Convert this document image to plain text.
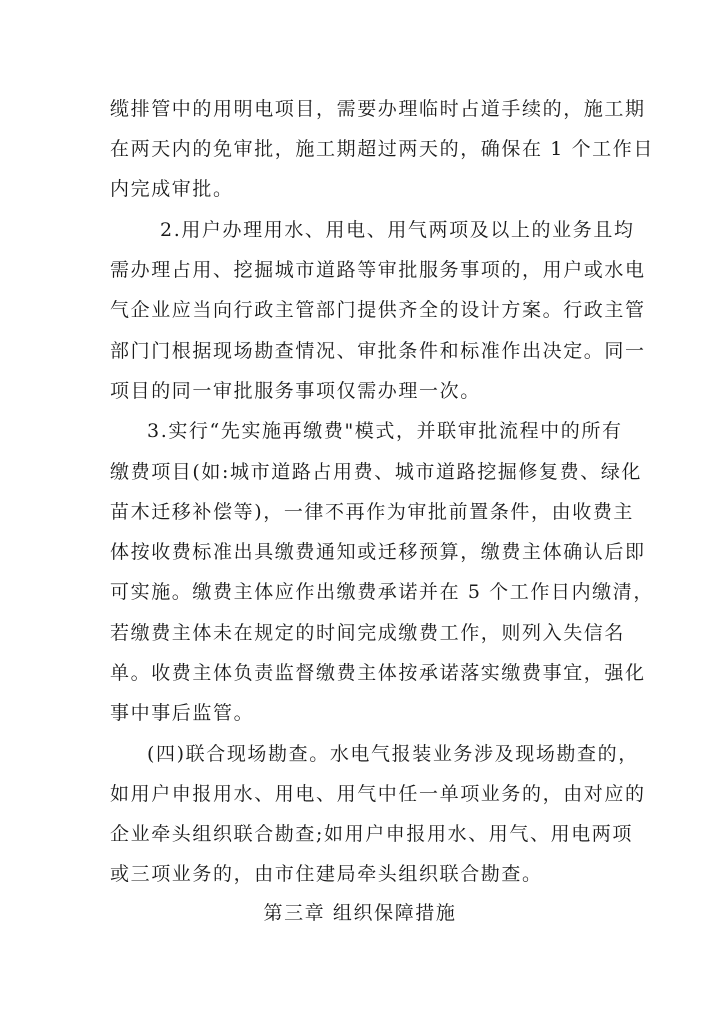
缆排管中的用明电项目，需要办理临时占道手续的，施工期
在两天内的免审批，施工期超过两天的，确保在 1 个工作日
内完成审批。
2.用户办理用水、用电、用气两项及以上的业务且均
需办理占用、挖掘城市道路等审批服务事项的，用户或水电
气企业应当向行政主管部门提供齐全的设计方案。行政主管
部门门根据现场勘查情况、审批条件和标准作出决定。同一
项目的同一审批服务事项仅需办理一次。
3.实行“先实施再缴费"模式，并联审批流程中的所有
缴费项目(如:城市道路占用费、城市道路挖掘修复费、绿化
苗木迁移补偿等)，一律不再作为审批前置条件，由收费主
体按收费标准出具缴费通知或迁移预算，缴费主体确认后即
可实施。缴费主体应作出缴费承诺并在 5 个工作日内缴清，
若缴费主体未在规定的时间完成缴费工作，则列入失信名
单。收费主体负责监督缴费主体按承诺落实缴费事宜，强化
事中事后监管。
(四)联合现场勘查。水电气报装业务涉及现场勘查的，
如用户申报用水、用电、用气中任一单项业务的，由对应的
企业牵头组织联合勘查;如用户申报用水、用气、用电两项
或三项业务的，由市住建局牵头组织联合勘查。
第三章 组织保障措施
